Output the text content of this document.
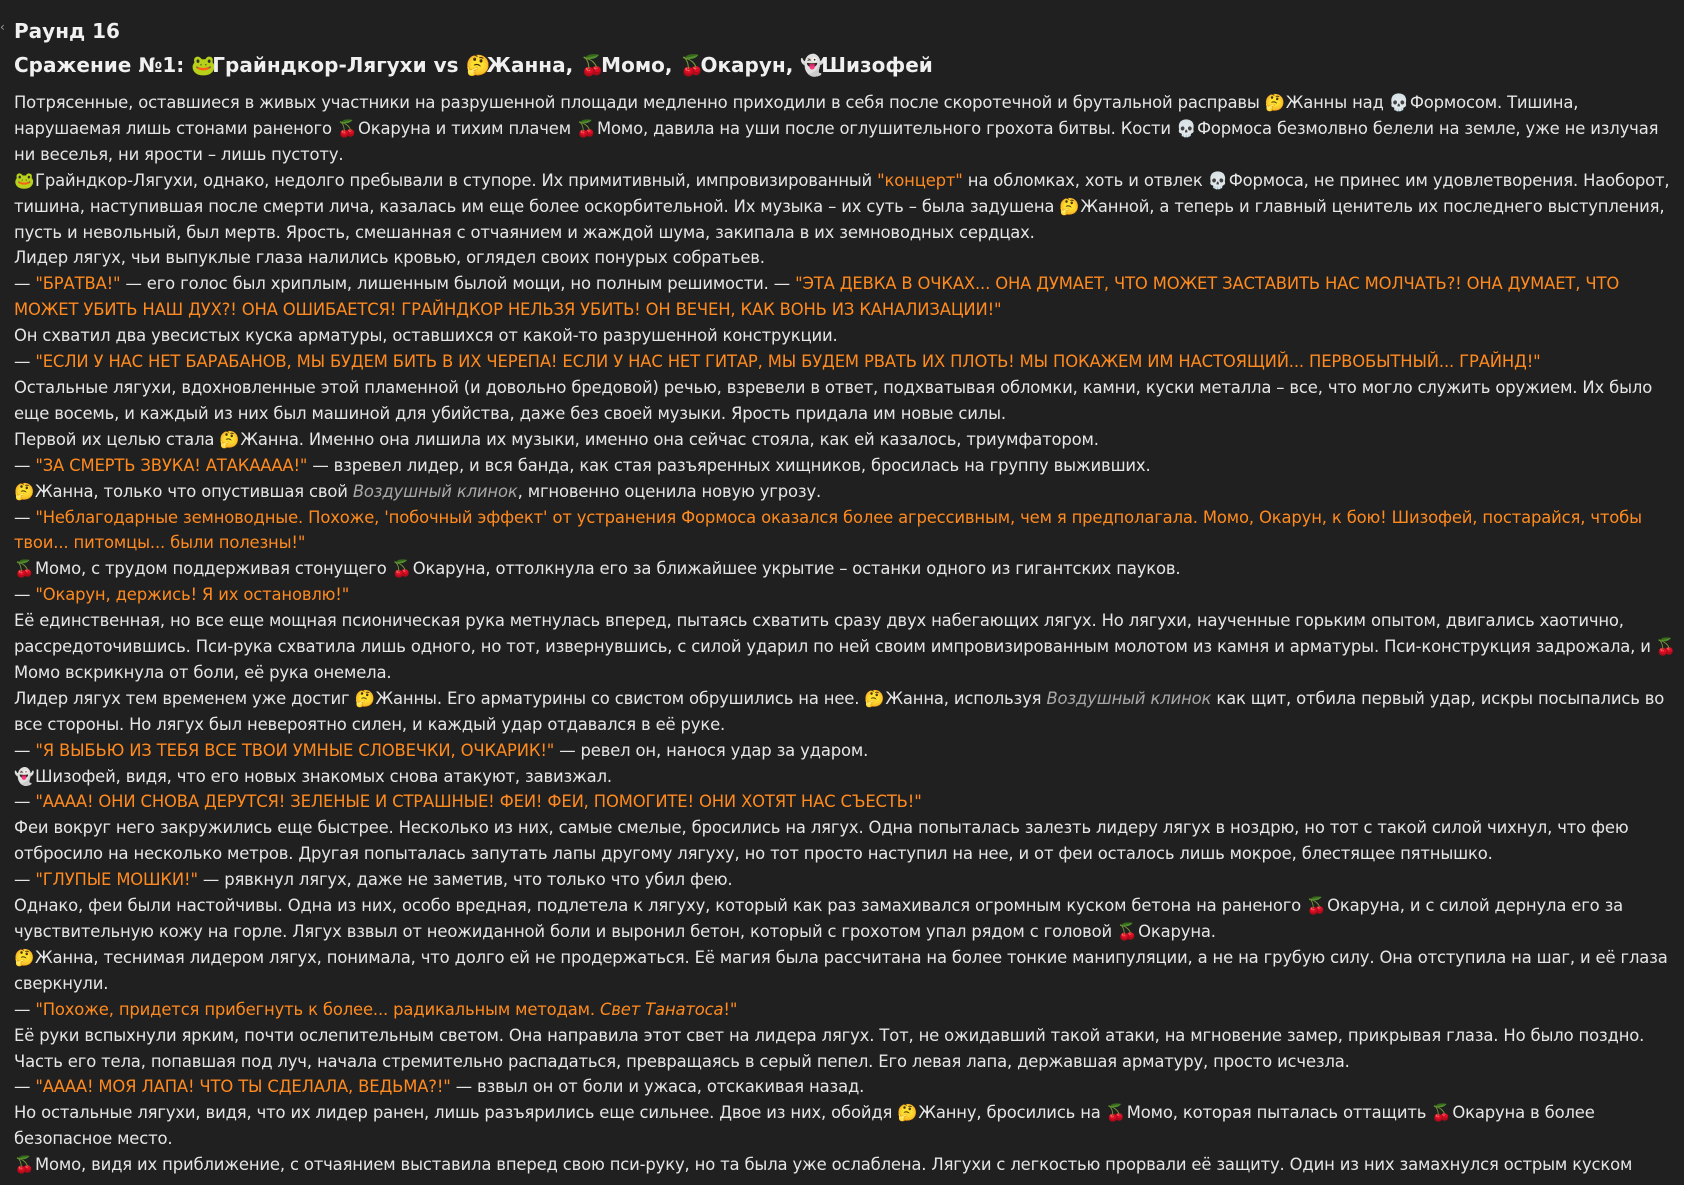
‹ Раунд 16
Сражение №1: 🐸Грайндкор-Лягухи vs 🤔Жанна, 🍒Момо, 🍒Окарун, 👻Шизофей

Потрясенные, оставшиеся в живых участники на разрушенной площади медленно приходили в себя после скоротечной и брутальной расправы 🤔Жанны над 💀Формосом. Тишина, нарушаемая лишь стонами раненого 🍒Окаруна и тихим плачем 🍒Момо, давила на уши после оглушительного грохота битвы. Кости 💀Формоса безмолвно белели на земле, уже не излучая ни веселья, ни ярости – лишь пустоту.

🐸Грайндкор-Лягухи, однако, недолго пребывали в ступоре. Их примитивный, импровизированный "концерт" на обломках, хоть и отвлек 💀Формоса, не принес им удовлетворения. Наоборот, тишина, наступившая после смерти лича, казалась им еще более оскорбительной. Их музыка – их суть – была задушена 🤔Жанной, а теперь и главный ценитель их последнего выступления, пусть и невольный, был мертв. Ярость, смешанная с отчаянием и жаждой шума, закипала в их земноводных сердцах.

Лидер лягух, чьи выпуклые глаза налились кровью, оглядел своих понурых собратьев.

— "БРАТВА!" — его голос был хриплым, лишенным былой мощи, но полным решимости. — "ЭТА ДЕВКА В ОЧКАХ... ОНА ДУМАЕТ, ЧТО МОЖЕТ ЗАСТАВИТЬ НАС МОЛЧАТЬ?! ОНА ДУМАЕТ, ЧТО МОЖЕТ УБИТЬ НАШ ДУХ?! ОНА ОШИБАЕТСЯ! ГРАЙНДКОР НЕЛЬЗЯ УБИТЬ! ОН ВЕЧЕН, КАК ВОНЬ ИЗ КАНАЛИЗАЦИИ!"

Он схватил два увесистых куска арматуры, оставшихся от какой-то разрушенной конструкции.

— "ЕСЛИ У НАС НЕТ БАРАБАНОВ, МЫ БУДЕМ БИТЬ В ИХ ЧЕРЕПА! ЕСЛИ У НАС НЕТ ГИТАР, МЫ БУДЕМ РВАТЬ ИХ ПЛОТЬ! МЫ ПОКАЖЕМ ИМ НАСТОЯЩИЙ... ПЕРВОБЫТНЫЙ... ГРАЙНД!"

Остальные лягухи, вдохновленные этой пламенной (и довольно бредовой) речью, взревели в ответ, подхватывая обломки, камни, куски металла – все, что могло служить оружием. Их было еще восемь, и каждый из них был машиной для убийства, даже без своей музыки. Ярость придала им новые силы.

Первой их целью стала 🤔Жанна. Именно она лишила их музыки, именно она сейчас стояла, как ей казалось, триумфатором.

— "ЗА СМЕРТЬ ЗВУКА! АТАКАААА!" — взревел лидер, и вся банда, как стая разъяренных хищников, бросилась на группу выживших.

🤔Жанна, только что опустившая свой Воздушный клинок, мгновенно оценила новую угрозу.

— "Неблагодарные земноводные. Похоже, 'побочный эффект' от устранения Формоса оказался более агрессивным, чем я предполагала. Момо, Окарун, к бою! Шизофей, постарайся, чтобы твои... питомцы... были полезны!"

🍒Момо, с трудом поддерживая стонущего 🍒Окаруна, оттолкнула его за ближайшее укрытие – останки одного из гигантских пауков.

— "Окарун, держись! Я их остановлю!"

Её единственная, но все еще мощная псионическая рука метнулась вперед, пытаясь схватить сразу двух набегающих лягух. Но лягухи, наученные горьким опытом, двигались хаотично, рассредоточившись. Пси-рука схватила лишь одного, но тот, извернувшись, с силой ударил по ней своим импровизированным молотом из камня и арматуры. Пси-конструкция задрожала, и 🍒Момо вскрикнула от боли, её рука онемела.

Лидер лягух тем временем уже достиг 🤔Жанны. Его арматурины со свистом обрушились на нее. 🤔Жанна, используя Воздушный клинок как щит, отбила первый удар, искры посыпались во все стороны. Но лягух был невероятно силен, и каждый удар отдавался в её руке.

— "Я ВЫБЬЮ ИЗ ТЕБЯ ВСЕ ТВОИ УМНЫЕ СЛОВЕЧКИ, ОЧКАРИК!" — ревел он, нанося удар за ударом.

👻Шизофей, видя, что его новых знакомых снова атакуют, завизжал.

— "АААА! ОНИ СНОВА ДЕРУТСЯ! ЗЕЛЕНЫЕ И СТРАШНЫЕ! ФЕИ! ФЕИ, ПОМОГИТЕ! ОНИ ХОТЯТ НАС СЪЕСТЬ!"

Феи вокруг него закружились еще быстрее. Несколько из них, самые смелые, бросились на лягух. Одна попыталась залезть лидеру лягух в ноздрю, но тот с такой силой чихнул, что фею отбросило на несколько метров. Другая попыталась запутать лапы другому лягуху, но тот просто наступил на нее, и от феи осталось лишь мокрое, блестящее пятнышко.

— "ГЛУПЫЕ МОШКИ!" — рявкнул лягух, даже не заметив, что только что убил фею.

Однако, феи были настойчивы. Одна из них, особо вредная, подлетела к лягуху, который как раз замахивался огромным куском бетона на раненого 🍒Окаруна, и с силой дернула его за чувствительную кожу на горле. Лягух взвыл от неожиданной боли и выронил бетон, который с грохотом упал рядом с головой 🍒Окаруна.

🤔Жанна, теснимая лидером лягух, понимала, что долго ей не продержаться. Её магия была рассчитана на более тонкие манипуляции, а не на грубую силу. Она отступила на шаг, и её глаза сверкнули.

— "Похоже, придется прибегнуть к более... радикальным методам. Свет Танатоса!"

Её руки вспыхнули ярким, почти ослепительным светом. Она направила этот свет на лидера лягух. Тот, не ожидавший такой атаки, на мгновение замер, прикрывая глаза. Но было поздно. Часть его тела, попавшая под луч, начала стремительно распадаться, превращаясь в серый пепел. Его левая лапа, державшая арматуру, просто исчезла.

— "АААА! МОЯ ЛАПА! ЧТО ТЫ СДЕЛАЛА, ВЕДЬМА?!" — взвыл он от боли и ужаса, отскакивая назад.

Но остальные лягухи, видя, что их лидер ранен, лишь разъярились еще сильнее. Двое из них, обойдя 🤔Жанну, бросились на 🍒Момо, которая пыталась оттащить 🍒Окаруна в более безопасное место.

🍒Момо, видя их приближение, с отчаянием выставила вперед свою пси-руку, но та была уже ослаблена. Лягухи с легкостью прорвали её защиту. Один из них замахнулся острым куском
